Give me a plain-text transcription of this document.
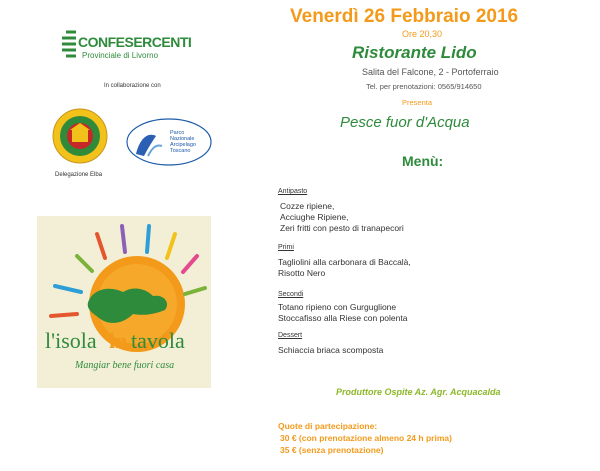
CONFESERCENTI
Provinciale di Livorno
In collaborazione con
Parco Nazionale Arcipelago Toscano
Delegazione Elba
l'isola in tavola
Mangiar bene fuori casa
Venerdì 26 Febbraio 2016
Ore 20,30
Ristorante Lido
Salita del Falcone, 2 - Portoferraio
Tel. per prenotazioni: 0565/914650
Presenta
Pesce fuor d'Acqua
Menù:
Antipasto
Cozze ripiene,
Acciughe Ripiene,
Zeri fritti con pesto di tranapecori
Primi
Tagliolini alla carbonara di Baccalà,
Risotto Nero
Secondi
Totano ripieno con Gurguglione
Stoccafisso alla Riese con polenta
Dessert
Schiaccia briaca scomposta
Produttore Ospite Az. Agr. Acquacalda
Quote di partecipazione:
30 € (con prenotazione almeno 24 h prima)
35 € (senza prenotazione)
